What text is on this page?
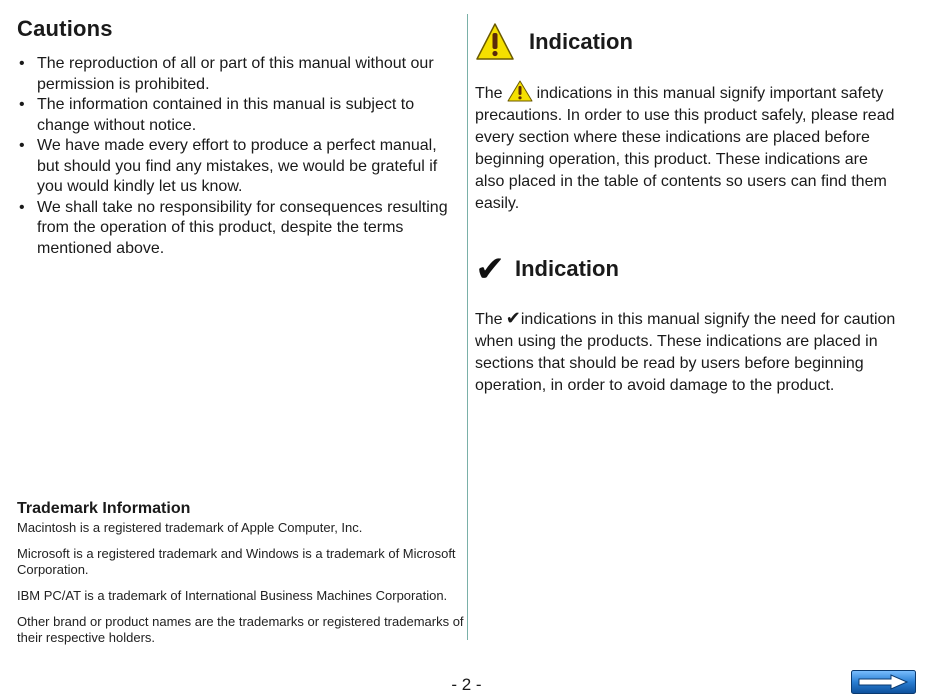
Cautions
• The reproduction of all or part of this manual without our permission is prohibited.
• The information contained in this manual is subject to change without notice.
• We have made every effort to produce a perfect manual, but should you find any mistakes, we would be grateful if you would kindly let us know.
• We shall take no responsibility for consequences resulting from the operation of this product, despite the terms mentioned above.
Trademark Information

Macintosh is a registered trademark of Apple Computer, Inc.

Microsoft is a registered trademark and Windows is a trademark of Microsoft Corporation.

IBM PC/AT is a trademark of International Business Machines Corporation.

Other brand or product names are the trademarks or registered trademarks of their respective holders.

Indication

The indications in this manual signify important safety precautions. In order to use this product safely, please read every section where these indications are placed before beginning operation, this product. These indications are also placed in the table of contents so users can find them easily.

✔ Indication

The  ✔indications in this manual signify the need for caution when using the products. These indications are placed in sections that should be read by users before beginning operation, in order to avoid damage to the product.

- 2 -
